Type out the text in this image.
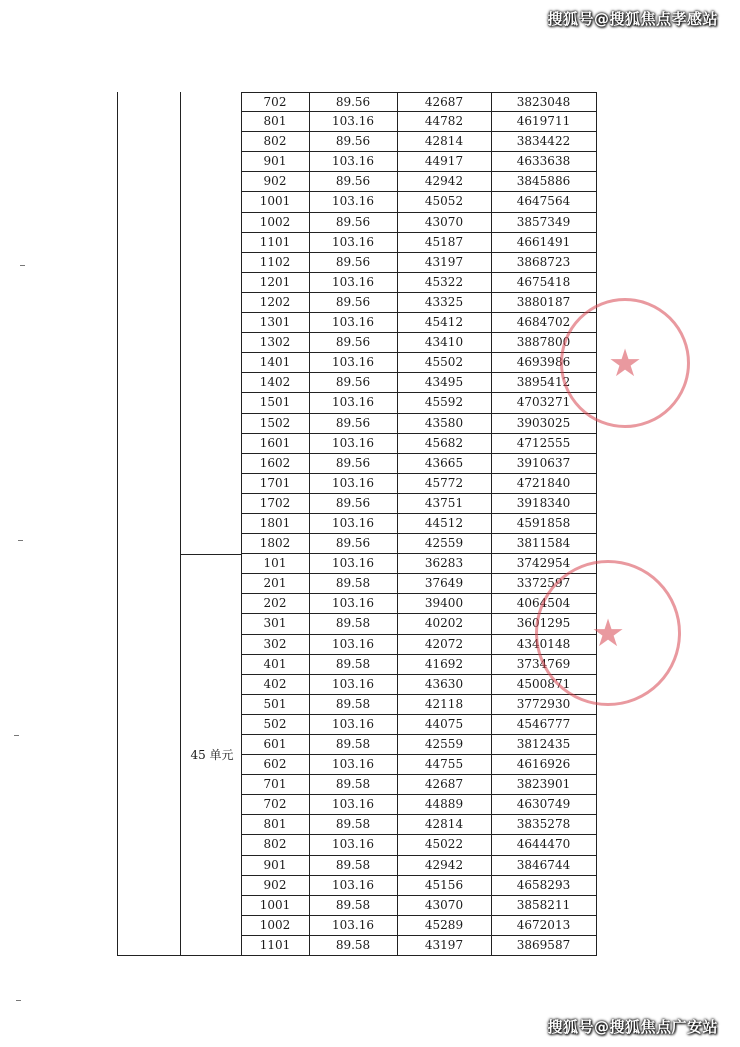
搜狐号@搜狐焦点孝感站
搜狐号@搜狐焦点广安站
45 单元
702	89.56	42687	3823048
801	103.16	44782	4619711
802	89.56	42814	3834422
901	103.16	44917	4633638
902	89.56	42942	3845886
1001	103.16	45052	4647564
1002	89.56	43070	3857349
1101	103.16	45187	4661491
1102	89.56	43197	3868723
1201	103.16	45322	4675418
1202	89.56	43325	3880187
1301	103.16	45412	4684702
1302	89.56	43410	3887800
1401	103.16	45502	4693986
1402	89.56	43495	3895412
1501	103.16	45592	4703271
1502	89.56	43580	3903025
1601	103.16	45682	4712555
1602	89.56	43665	3910637
1701	103.16	45772	4721840
1702	89.56	43751	3918340
1801	103.16	44512	4591858
1802	89.56	42559	3811584
101	103.16	36283	3742954
201	89.58	37649	3372597
202	103.16	39400	4064504
301	89.58	40202	3601295
302	103.16	42072	4340148
401	89.58	41692	3734769
402	103.16	43630	4500871
501	89.58	42118	3772930
502	103.16	44075	4546777
601	89.58	42559	3812435
602	103.16	44755	4616926
701	89.58	42687	3823901
702	103.16	44889	4630749
801	89.58	42814	3835278
802	103.16	45022	4644470
901	89.58	42942	3846744
902	103.16	45156	4658293
1001	89.58	43070	3858211
1002	103.16	45289	4672013
1101	89.58	43197	3869587
★
★
